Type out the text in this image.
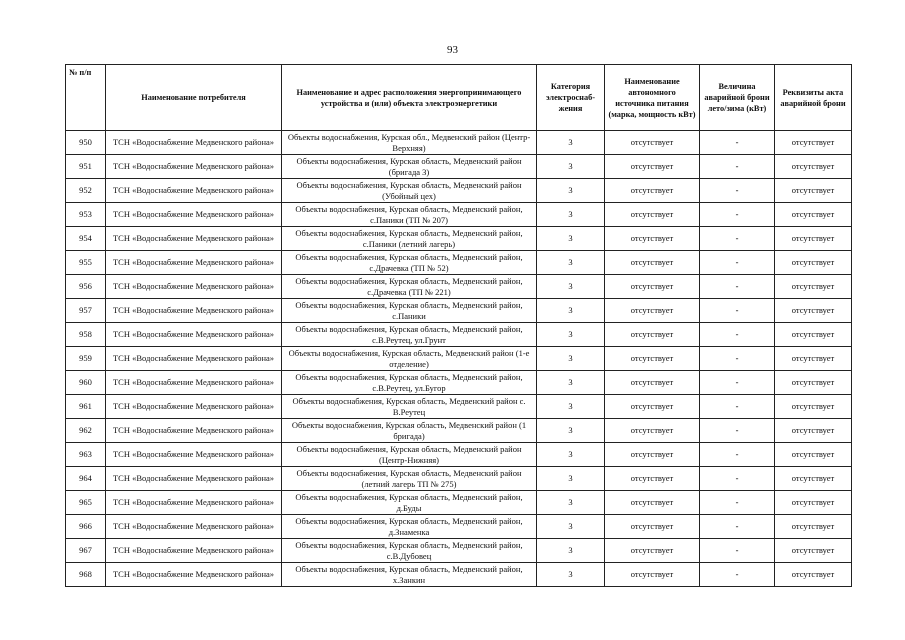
93
№ п/п	Наименование потребителя	Наименование и адрес расположения энергопринимающего устройства и (или) объекта электроэнергетики	Категория электроснаб-жения	Наименование автономного источника питания (марка, мощность кВт)	Величина аварийной брони лето/зима (кВт)	Реквизиты акта аварийной брони
950	ТСН «Водоснабжение Медвенского района»	Объекты водоснабжения, Курская обл., Медвенский район (Центр-Верхняя)	3	отсутствует	-	отсутствует
951	ТСН «Водоснабжение Медвенского района»	Объекты водоснабжения, Курская область, Медвенский район (бригада 3)	3	отсутствует	-	отсутствует
952	ТСН «Водоснабжение Медвенского района»	Объекты водоснабжения, Курская область, Медвенский район (Убойный цех)	3	отсутствует	-	отсутствует
953	ТСН «Водоснабжение Медвенского района»	Объекты водоснабжения, Курская область, Медвенский район, с.Паники (ТП № 207)	3	отсутствует	-	отсутствует
954	ТСН «Водоснабжение Медвенского района»	Объекты водоснабжения, Курская область, Медвенский район, с.Паники (летний лагерь)	3	отсутствует	-	отсутствует
955	ТСН «Водоснабжение Медвенского района»	Объекты водоснабжения, Курская область, Медвенский район, с.Драчевка (ТП № 52)	3	отсутствует	-	отсутствует
956	ТСН «Водоснабжение Медвенского района»	Объекты водоснабжения, Курская область, Медвенский район, с.Драчевка (ТП № 221)	3	отсутствует	-	отсутствует
957	ТСН «Водоснабжение Медвенского района»	Объекты водоснабжения, Курская область, Медвенский район, с.Паники	3	отсутствует	-	отсутствует
958	ТСН «Водоснабжение Медвенского района»	Объекты водоснабжения, Курская область, Медвенский район, с.В.Реутец, ул.Грунт	3	отсутствует	-	отсутствует
959	ТСН «Водоснабжение Медвенского района»	Объекты водоснабжения, Курская область, Медвенский район (1-е отделение)	3	отсутствует	-	отсутствует
960	ТСН «Водоснабжение Медвенского района»	Объекты водоснабжения, Курская область, Медвенский район, с.В.Реутец, ул.Бугор	3	отсутствует	-	отсутствует
961	ТСН «Водоснабжение Медвенского района»	Объекты водоснабжения, Курская область, Медвенский район с. В.Реутец	3	отсутствует	-	отсутствует
962	ТСН «Водоснабжение Медвенского района»	Объекты водоснабжения, Курская область, Медвенский район (1 бригада)	3	отсутствует	-	отсутствует
963	ТСН «Водоснабжение Медвенского района»	Объекты водоснабжения, Курская область, Медвенский район (Центр-Нижняя)	3	отсутствует	-	отсутствует
964	ТСН «Водоснабжение Медвенского района»	Объекты водоснабжения, Курская область, Медвенский район (летний лагерь ТП № 275)	3	отсутствует	-	отсутствует
965	ТСН «Водоснабжение Медвенского района»	Объекты водоснабжения, Курская область, Медвенский район, д.Буды	3	отсутствует	-	отсутствует
966	ТСН «Водоснабжение Медвенского района»	Объекты водоснабжения, Курская область, Медвенский район, д.Знаменка	3	отсутствует	-	отсутствует
967	ТСН «Водоснабжение Медвенского района»	Объекты водоснабжения, Курская область, Медвенский район, с.В.Дубовец	3	отсутствует	-	отсутствует
968	ТСН «Водоснабжение Медвенского района»	Объекты водоснабжения, Курская область, Медвенский район, х.Занкин	3	отсутствует	-	отсутствует
